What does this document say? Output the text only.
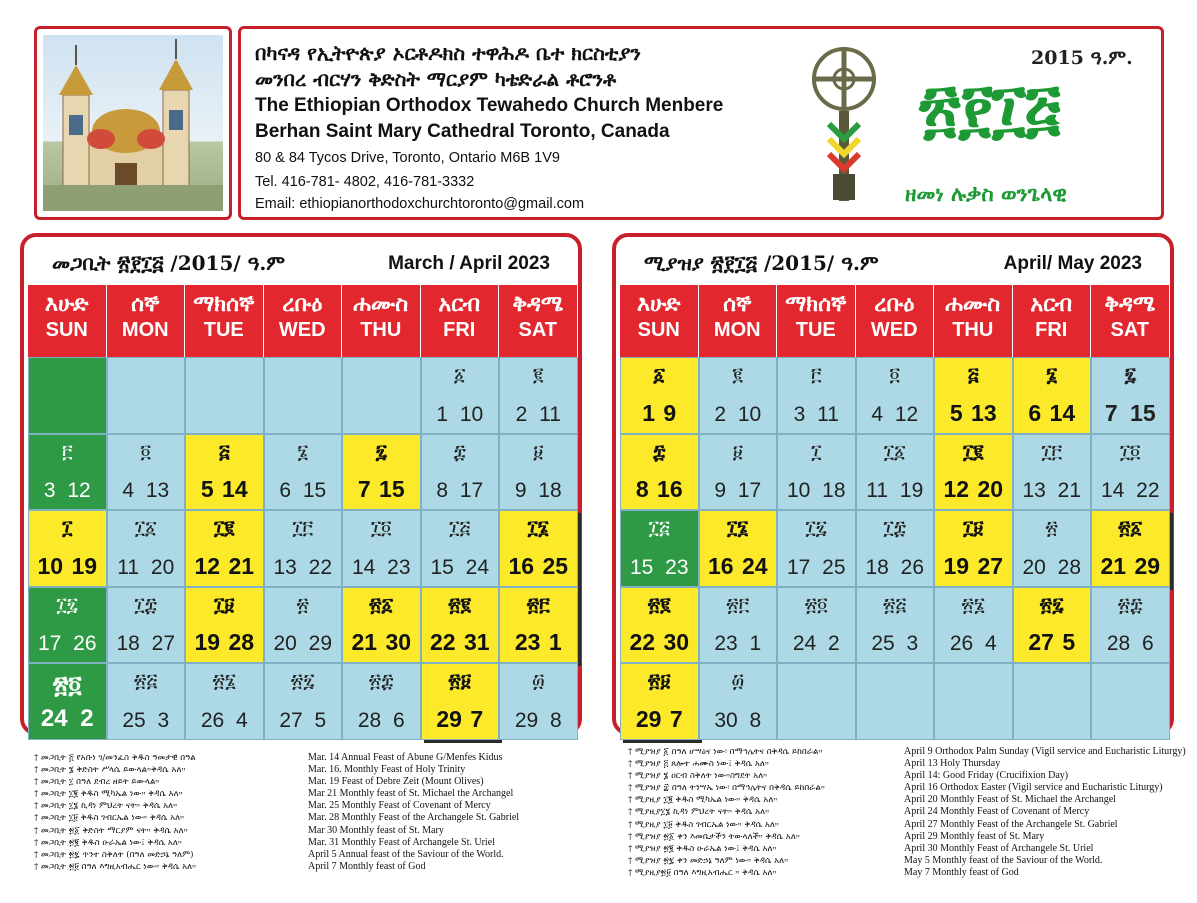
በካናዳ የኢትዮጵያ ኦርቶዶክስ ተዋሕዶ ቤተ ክርስቲያን
መንበረ ብርሃን ቅድስት ማርያም ካቴድራል ቶሮንቶ
The Ethiopian Orthodox Tewahedo Church Menbere
Berhan Saint Mary Cathedral Toronto, Canada
80 & 84 Tycos Drive, Toronto, Ontario M6B 1V9
Tel. 416-781- 4802, 416-781-3332
Email: ethiopianorthodoxchurchtoronto@gmail.com
2015 ዓ.ም.
፳፻፲፭
ዘመነ ሉቃስ ወንጌላዊ
መጋቢት ፳፻፲፭ /2015/ ዓ.ም	March / April 2023
እሁድ
SUN
ሰኞ
MON
ማክሰኞ
TUE
ረቡዕ
WED
ሐሙስ
THU
አርብ
FRI
ቅዳሜ
SAT
፩
1 10
፪
2 11
፫
3 12
፬
4 13
፭
5 14
፮
6 15
፯
7 15
፰
8 17
፱
9 18
፲
10 19
፲፩
11 20
፲፪
12 21
፲፫
13 22
፲፬
14 23
፲፭
15 24
፲፮
16 25
፲፯
17 26
፲፰
18 27
፲፱
19 28
፳
20 29
፳፩
21 30
፳፪
22 31
፳፫
23 1
፳፬
24 2
፳፭
25 3
፳፮
26 4
፳፯
27 5
፳፰
28 6
፳፱
29 7
፴
29 8
ሚያዝያ ፳፻፲፭ /2015/ ዓ.ም	April/ May 2023
እሁድ
SUN
ሰኞ
MON
ማክሰኞ
TUE
ረቡዕ
WED
ሐሙስ
THU
አርብ
FRI
ቅዳሜ
SAT
፩
1 9
፪
2 10
፫
3 11
፬
4 12
፭
5 13
፮
6 14
፯
7 15
፰
8 16
፱
9 17
፲
10 18
፲፩
11 19
፲፪
12 20
፲፫
13 21
፲፬
14 22
፲፭
15 23
፲፮
16 24
፲፯
17 25
፲፰
18 26
፲፱
19 27
፳
20 28
፳፩
21 29
፳፪
22 30
፳፫
23 1
፳፬
24 2
፳፭
25 3
፳፮
26 4
፳፯
27 5
፳፰
28 6
፳፱
29 7
፴
30 8
† መጋቢት ፭ የአቡነ ገ/መንፈስ ቅዱስ ዓመታዊ በዓል
† መጋቢት ፮ ቅድስት ሥላሴ ይውላል።ቅዳሴ አለ።
† መጋቢት ፲ በዓለ ደብረ ዘይት ይውላል።
† መጋቢት ፲፪ ቅዱስ ሚካኤል ነው። ቅዳሴ አለ።
† መጋቢት ፲፮ ኪዳነ ምህረት ናት። ቅዳሴ አለ።
† መጋቢት ፲፱ ቅዱስ ገብርኤል ነው። ቅዳሴ አለ።
† መጋቢት ፳፩ ቅድስት ማርያም ናት። ቅዳሴ አለ።
† መጋቢት ፳፪ ቅዱስ ዑራኤል ነው፤ ቅዳሴ አለ።
† መጋቢት ፳፯ ጥንተ ስቅለት (በዓለ መድኃኔ ዓለም)
† መጋቢት ፳፱ በዓለ እግዚአብሔር ነው። ቅዳሴ አለ።
Mar. 14 Annual Feast of Abune G/Menfes Kidus
Mar. 16. Monthly Feast of Holy Trinity
Mar. 19 Feast of Debre Zeit (Mount Olives)
Mar 21 Monthly feast of St. Michael the Archangel
Mar. 25 Monthly Feast of Covenant of Mercy
Mar. 28 Monthly Feast of the Archangele St. Gabriel
Mar 30 Monthly feast of St. Mary
Mar. 31 Monthly Feast of Archangele St. Uriel
April 5 Annual feast of the Saviour of the World.
April 7 Monthly feast of God
† ሚያዝያ ፩ በዓለ ሆሣዕና ነው፡ በማኅሌትና በቅዳሴ ይከበራል።
† ሚያዝያ ፭ ጸሎተ ሐሙስ ነው፤ ቅዳሴ አለ።
† ሚያዝያ ፮ ዐርብ ስቅለት ነው።ስግደት አለ።
† ሚያዝያ ፰ በዓለ ትንሣኤ ነው፡ በማኅሌትና በቅዳሴ ይከበራል።
† ሚያዚያ ፲፪ ቅዱስ ሚካኤል ነው። ቅዳሴ አለ።
† ሚያዚያ፲፮ ኪዳነ ምህረት ናት። ቅዳሴ አለ።
† ሚያዚያ ፲፱ ቅዱስ ገብርኤል ነው። ቅዳሴ አለ።
† ሚያዝያ ፳፩ ቀን እመቤታችን ትውላለች። ቅዳሴ አለ።
† ሚያዝያ ፳፪ ቅዱስ ዑራኤል ነው፤ ቅዳሴ አለ።
† ሚያዝያ ፳፯ ቀን መድኃኔ ዓለም ነው። ቅዳሴ አለ።
† ሚያዚያ፳፱ በዓለ እግዚአብሔር ። ቅዳሴ አለ።
April 9 Orthodox Palm Sunday (Vigil service and Eucharistic Liturgy)
April 13 Holy Thursday
April 14: Good Friday (Crucifixion Day)
April 16 Orthodox Easter (Vigil service and Eucharistic Liturgy)
April 20 Monthly Feast of St. Michael the Archangel
April 24 Monthly Feast of Covenant of Mercy
April 27 Monthly Feast of the Archangele St. Gabriel
April 29 Monthly feast of St. Mary
April 30 Monthly Feast of Archangele St. Uriel
May 5 Monthly feast of the Saviour of the World.
May 7 Monthly feast of God
